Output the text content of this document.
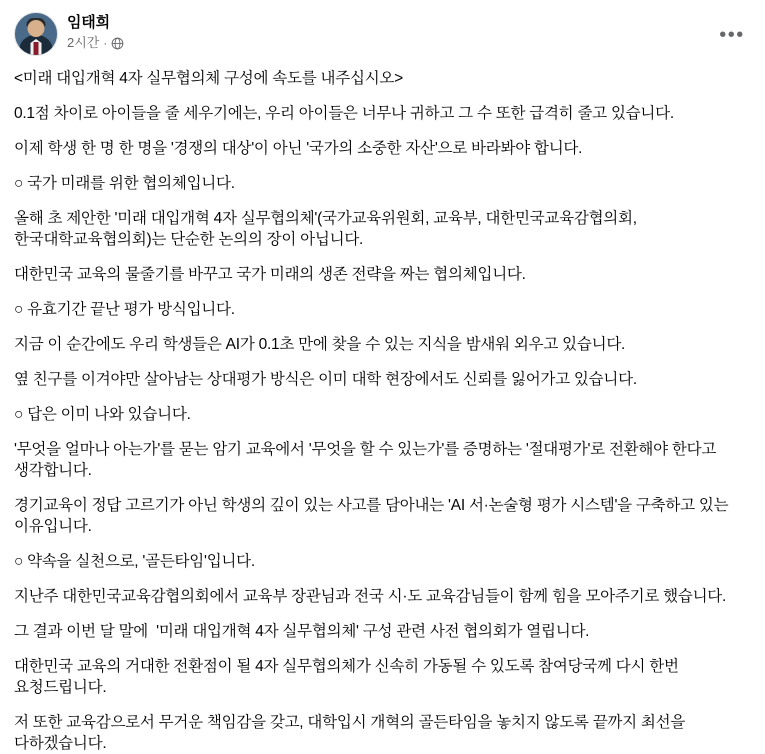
임태희
2시간 ·	•••

<미래 대입개혁 4자 실무협의체 구성에 속도를 내주십시오>

0.1점 차이로 아이들을 줄 세우기에는, 우리 아이들은 너무나 귀하고 그 수 또한 급격히 줄고 있습니다.

이제 학생 한 명 한 명을 '경쟁의 대상'이 아닌 '국가의 소중한 자산'으로 바라봐야 합니다.

○ 국가 미래를 위한 협의체입니다.

올해 초 제안한 '미래 대입개혁 4자 실무협의체'(국가교육위원회, 교육부, 대한민국교육감협의회, 한국대학교육협의회)는 단순한 논의의 장이 아닙니다.

대한민국 교육의 물줄기를 바꾸고 국가 미래의 생존 전략을 짜는 협의체입니다.

○ 유효기간 끝난 평가 방식입니다.

지금 이 순간에도 우리 학생들은 AI가 0.1초 만에 찾을 수 있는 지식을 밤새워 외우고 있습니다.

옆 친구를 이겨야만 살아남는 상대평가 방식은 이미 대학 현장에서도 신뢰를 잃어가고 있습니다.

○ 답은 이미 나와 있습니다.

'무엇을 얼마나 아는가'를 묻는 암기 교육에서 '무엇을 할 수 있는가'를 증명하는 '절대평가'로 전환해야 한다고 생각합니다.

경기교육이 정답 고르기가 아닌 학생의 깊이 있는 사고를 담아내는 'AI 서·논술형 평가 시스템'을 구축하고 있는 이유입니다.

○ 약속을 실천으로, '골든타임'입니다.

지난주 대한민국교육감협의회에서 교육부 장관님과 전국 시·도 교육감님들이 함께 힘을 모아주기로 했습니다.

그 결과 이번 달 말에  '미래 대입개혁 4자 실무협의체' 구성 관련 사전 협의회가 열립니다.

대한민국 교육의 거대한 전환점이 될 4자 실무협의체가 신속히 가동될 수 있도록 참여당국께 다시 한번 요청드립니다.

저 또한 교육감으로서 무거운 책임감을 갖고, 대학입시 개혁의 골든타임을 놓치지 않도록 끝까지 최선을 다하겠습니다.
